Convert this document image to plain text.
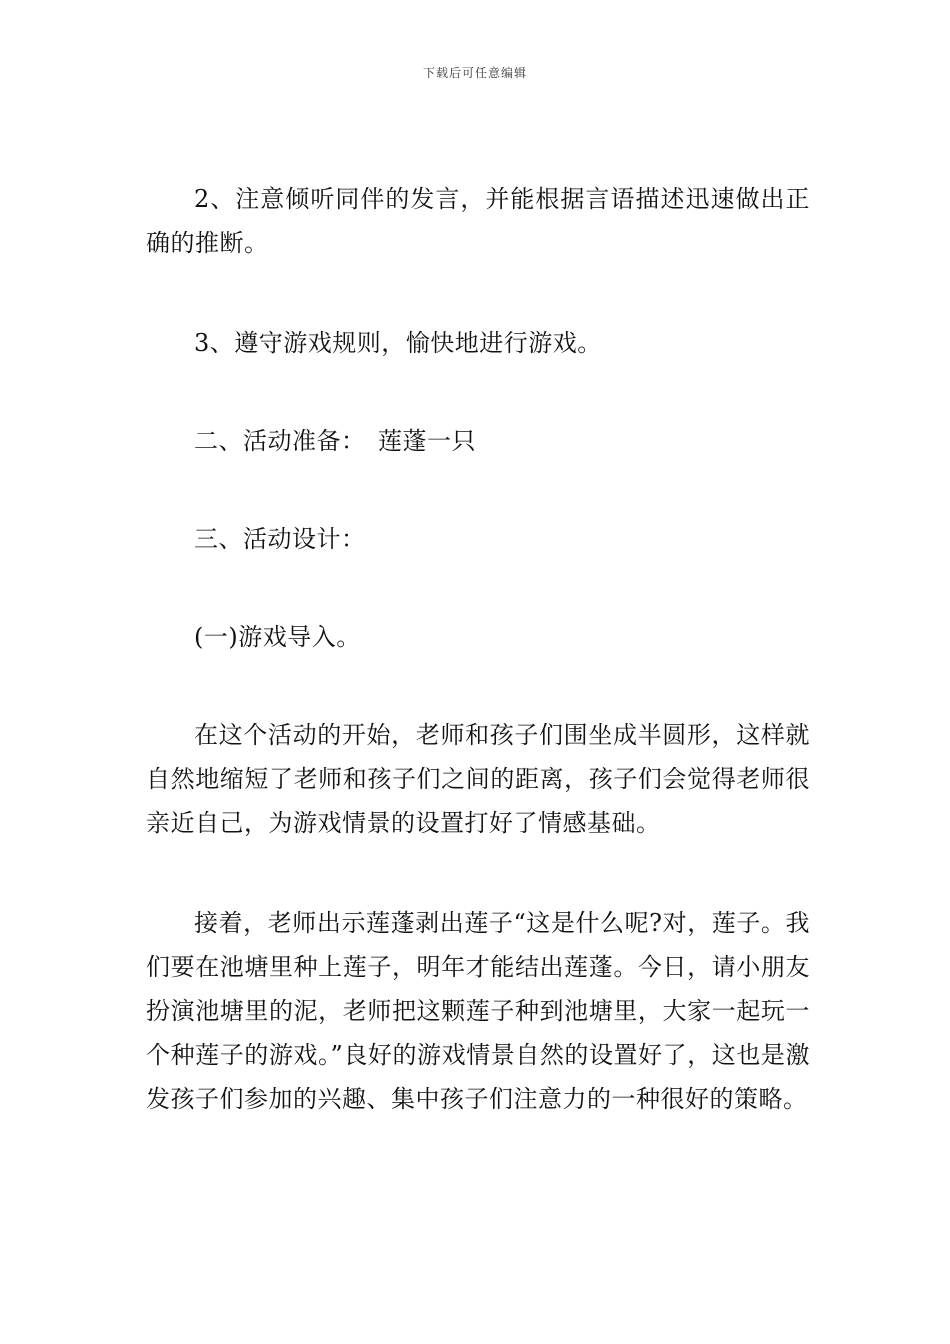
下载后可任意编辑

2、注意倾听同伴的发言，并能根据言语描述迅速做出正确的推断。

3、遵守游戏规则，愉快地进行游戏。

二、活动准备：　莲蓬一只

三、活动设计：

(一)游戏导入。

在这个活动的开始，老师和孩子们围坐成半圆形，这样就自然地缩短了老师和孩子们之间的距离，孩子们会觉得老师很亲近自己，为游戏情景的设置打好了情感基础。

接着，老师出示莲蓬剥出莲子“这是什么呢?对，莲子。我们要在池塘里种上莲子，明年才能结出莲蓬。今日，请小朋友扮演池塘里的泥，老师把这颗莲子种到池塘里，大家一起玩一个种莲子的游戏。”良好的游戏情景自然的设置好了，这也是激发孩子们参加的兴趣、集中孩子们注意力的一种很好的策略。
